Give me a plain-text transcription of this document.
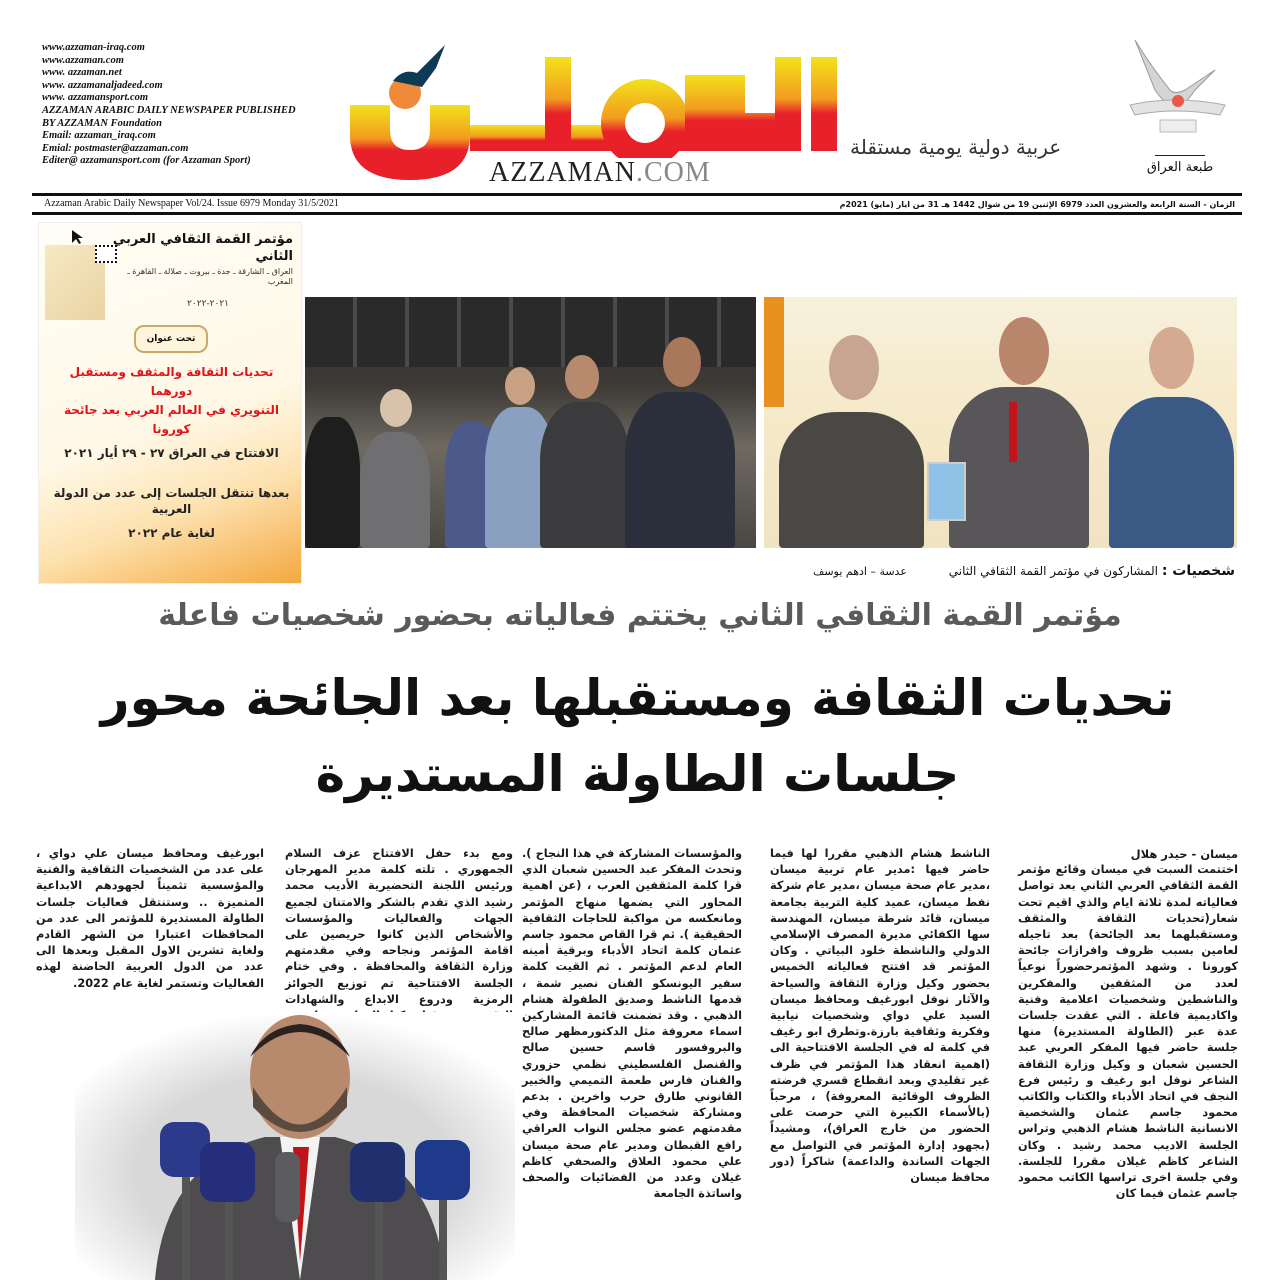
www.azzaman-iraq.com
www.azzaman.com
www. azzaman.net
www. azzamanaljadeed.com
www. azzamansport.com
AZZAMAN ARABIC DAILY NEWSPAPER PUBLISHED
BY AZZAMAN Foundation
Email: azzaman_iraq.com
Emial: postmaster@azzaman.com
Editer@ azzamansport.com (for Azzaman Sport)
عربية دولية يومية مستقلة
AZZAMAN.COM	طبعة العراق
Azzaman Arabic Daily Newspaper Vol/24. Issue 6979 Monday 31/5/2021	الزمان - السنة الرابعة والعشرون العدد 6979 الإثنين 19 من شوال 1442 هـ 31 من ايار (مايو) 2021م
مؤتمر القمة الثقافي العربي الثاني
العراق ـ الشارقة ـ جدة ـ بيروت ـ صلالة ـ القاهرة ـ المغرب
٢٠٢١-٢٠٢٢
تحت عنوان
تحديات الثقافة والمثقف ومستقبل دورهما
التنويري في العالم العربي بعد جائحة كورونا
الافتتاح في العراق ٢٧ - ٢٩ أيار ٢٠٢١
بعدها تنتقل الجلسات إلى عدد من الدولة العربية
لغاية عام ٢٠٢٢
شخصيات : المشاركون في مؤتمر القمة الثقافي الثاني عدسة – ادهم يوسف
مؤتمر القمة الثقافي الثاني يختتم فعالياته بحضور شخصيات فاعلة
تحديات الثقافة ومستقبلها بعد الجائحة محور
جلسات الطاولة المستديرة

ميسان - حيدر هلال

اختتمت السبت في ميسان وقائع مؤتمر القمة الثقافي العربي الثاني بعد تواصل فعالياته لمدة ثلاثة ايام والذي اقيم تحت شعار(تحديات الثقافة والمثقف ومستقبلهما بعد الجائحة) بعد تاجيله لعامين بسبب ظروف وافرازات جائحة كورونا . وشهد المؤتمرحضوراً نوعياً لعدد من المثقفين والمفكرين والناشطين وشخصيات اعلامية وفنية واكاديمية فاعلة . التي عقدت جلسات عدة عبر (الطاولة المستديرة) منها جلسة حاضر فيها المفكر العربي عبد الحسين شعبان و وكيل وزارة الثقافة الشاعر نوفل ابو رغيف و رئيس فرع النجف في اتحاد الأدباء والكتاب والكاتب محمود جاسم عثمان والشخصية الانسانية الناشط هشام الذهبي وتراس الجلسة الاديب محمد رشيد . وكان الشاعر كاظم غيلان مقررا للجلسة. وفي جلسة اخرى تراسها الكاتب محمود جاسم عثمان فيما كان

الناشط هشام الذهبي مقررا لها فيما حاضر فيها :مدير عام تربية ميسان ،مدير عام صحة ميسان ،مدير عام شركة نفط ميسان، عميد كلية التربية بجامعة ميسان، قائد شرطة ميسان، المهندسة سها الكفائي مديرة المصرف الإسلامي الدولي والناشطة خلود البياتي . وكان المؤتمر قد افتتح فعالياته الخميس بحضور وكيل وزارة الثقافة والسياحة والآثار نوفل ابورغيف ومحافظ ميسان السيد علي دواي وشخصيات نيابية وفكرية وثقافية بارزة.وتطرق ابو رغيف في كلمة له في الجلسة الافتتاحية الى (اهمية انعقاد هذا المؤتمر في ظرف غير تقليدي وبعد انقطاع قسري فرضته الظروف الوقائية المعروفة) ، مرحباً (بالأسماء الكبيرة التي حرصت على الحضور من خارج العراق)، ومشيداً (بجهود إدارة المؤتمر في التواصل مع الجهات الساندة والداعمة) شاكراً (دور محافظ ميسان

والمؤسسات المشاركة في هذا النجاح ). وتحدث المفكر عبد الحسين شعبان الذي قرا كلمة المثقفين العرب ، (عن اهمية المحاور التي يضمها منهاج المؤتمر ومانعكسه من مواكبة للحاجات الثقافية الحقيقية ). ثم قرا القاص محمود جاسم عثمان كلمة اتحاد الأدباء وبرقية أمينه العام لدعم المؤتمر . ثم القيت كلمة سفير اليونسكو الفنان نصير شمة ، قدمها الناشط وصديق الطفولة هشام الذهبي . وقد تضمنت قائمة المشاركين اسماء معروفة مثل الدكتورمظهر صالح والبروفسور قاسم حسين صالح والقنصل الفلسطيني نظمي حزوري والفنان فارس طعمة التميمي والخبير القانوني طارق حرب واخرين . بدعم ومشاركة شخصيات المحافظة وفي مقدمتهم عضو مجلس النواب العراقي رافع القبطان ومدير عام صحة ميسان علي محمود العلاق والصحفي كاظم غيلان وعدد من الفضائيات والصحف واساتذة الجامعة

ومع بدء حفل الافتتاح عزف السلام الجمهوري . تلته كلمة مدير المهرجان ورئيس اللجنة التحضيرية الأديب محمد رشيد الذي تقدم بالشكر والامتنان لجميع الجهات والفعاليات والمؤسسات والأشخاص الذين كانوا حريصين على اقامة المؤتمر ونجاحه وفي مقدمتهم وزارة الثقافة والمحافظة . وفي ختام الجلسة الافتتاحية تم توزيع الجوائز الرمزية ودروع الابداع والشهادات

ابورغيف ومحافظ ميسان علي دواي ، على عدد من الشخصيات الثقافية والفنية والمؤسسية تثميناً لجهودهم الابداعية المتميزة .. وستنتقل فعاليات جلسات الطاولة المستديرة للمؤتمر الى عدد من المحافظات اعتبارا من الشهر القادم ولغاية تشرين الاول المقبل وبعدها الى عدد من الدول العربية الحاضنة لهذه الفعاليات وتستمر لغاية عام 2022.
